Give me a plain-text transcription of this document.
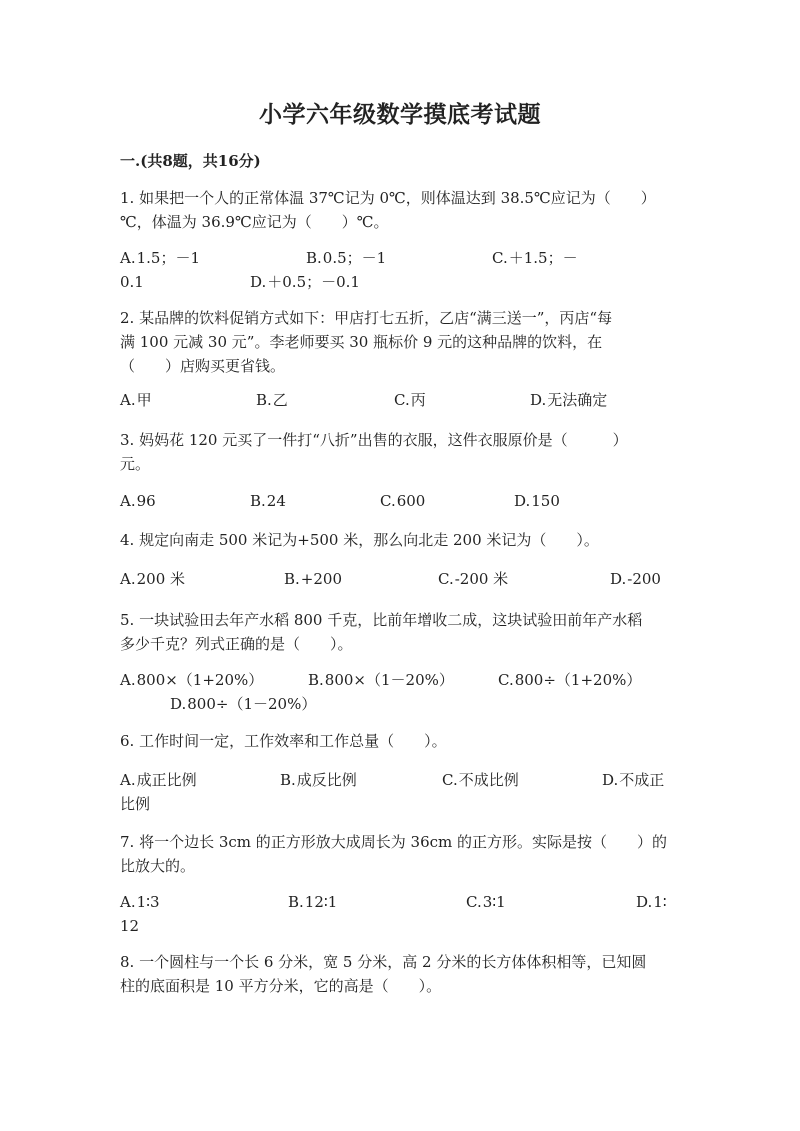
小学六年级数学摸底考试题
一.(共8题，共16分)
1. 如果把一个人的正常体温 37℃记为 0℃，则体温达到 38.5℃应记为（　　）
℃，体温为 36.9℃应记为（　　）℃。
A.1.5；－1	B.0.5；－1	C.＋1.5；－
0.1	D.＋0.5；－0.1
2. 某品牌的饮料促销方式如下：甲店打七五折，乙店“满三送一”，丙店“每
满 100 元减 30 元”。李老师要买 30 瓶标价 9 元的这种品牌的饮料，在
（　　）店购买更省钱。
A.甲	B.乙	C.丙	D.无法确定
3. 妈妈花 120 元买了一件打“八折”出售的衣服，这件衣服原价是（　　　）
元。
A.96	B.24	C.600	D.150
4. 规定向南走 500 米记为+500 米，那么向北走 200 米记为（　　）。
A.200 米	B.+200	C.-200 米	D.-200
5. 一块试验田去年产水稻 800 千克，比前年增收二成，这块试验田前年产水稻
多少千克？列式正确的是（　　）。
A.800×（1+20%）	B.800×（1－20%）	C.800÷（1+20%）
D.800÷（1－20%）
6. 工作时间一定，工作效率和工作总量（　　）。
A.成正比例	B.成反比例	C.不成比例	D.不成正
比例
7. 将一个边长 3cm 的正方形放大成周长为 36cm 的正方形。实际是按（　　）的
比放大的。
A.1∶3	B.12∶1	C.3∶1	D.1∶
12
8. 一个圆柱与一个长 6 分米，宽 5 分米，高 2 分米的长方体体积相等，已知圆
柱的底面积是 10 平方分米，它的高是（　　）。
